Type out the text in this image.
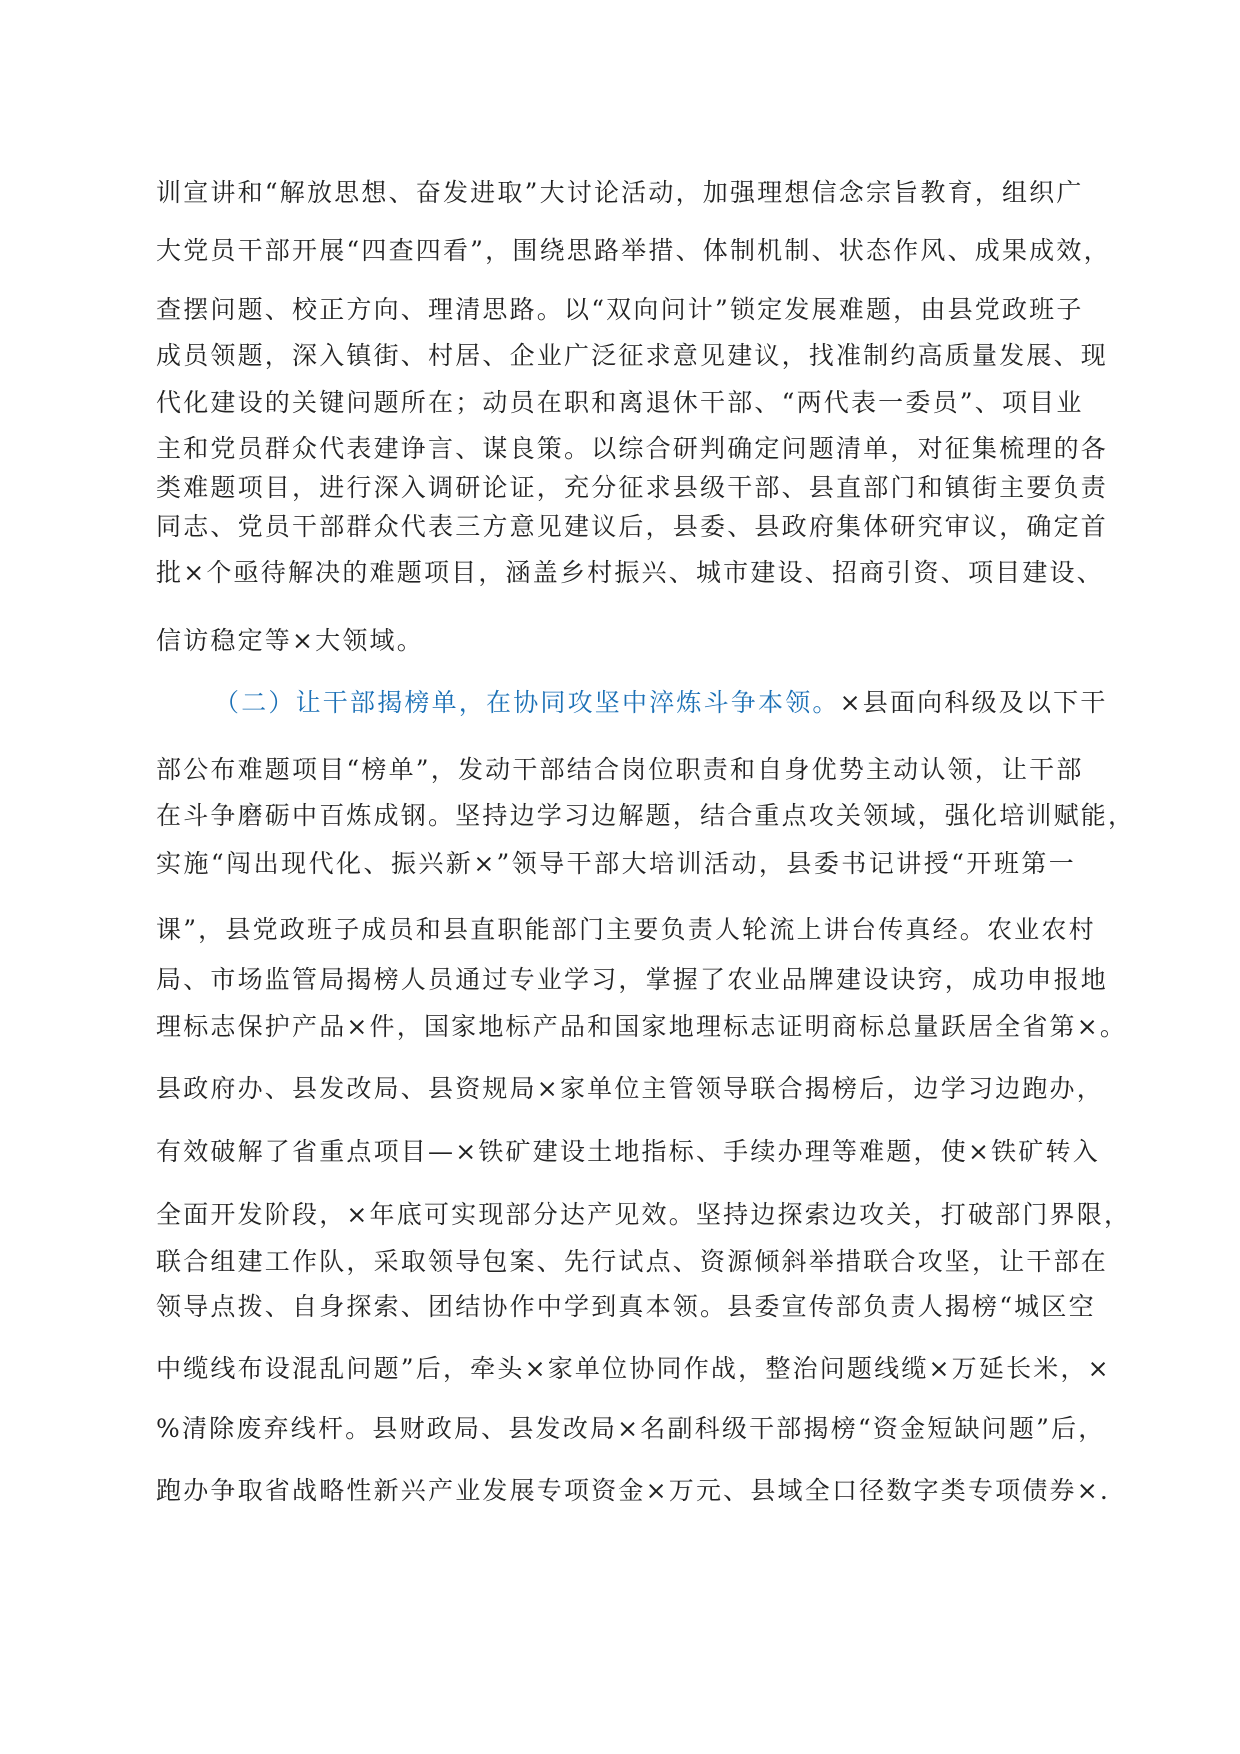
训宣讲和“解放思想、奋发进取”大讨论活动，加强理想信念宗旨教育，组织广
大党员干部开展“四查四看”，围绕思路举措、体制机制、状态作风、成果成效，
查摆问题、校正方向、理清思路。以“双向问计”锁定发展难题，由县党政班子
成员领题，深入镇街、村居、企业广泛征求意见建议，找准制约高质量发展、现
代化建设的关键问题所在；动员在职和离退休干部、“两代表一委员”、项目业
主和党员群众代表建诤言、谋良策。以综合研判确定问题清单，对征集梳理的各
类难题项目，进行深入调研论证，充分征求县级干部、县直部门和镇街主要负责
同志、党员干部群众代表三方意见建议后，县委、县政府集体研究审议，确定首
批×个亟待解决的难题项目，涵盖乡村振兴、城市建设、招商引资、项目建设、
信访稳定等×大领域。
（二）让干部揭榜单，在协同攻坚中淬炼斗争本领。 ×县面向科级及以下干
部公布难题项目“榜单”，发动干部结合岗位职责和自身优势主动认领，让干部
在斗争磨砺中百炼成钢。坚持边学习边解题，结合重点攻关领域，强化培训赋能，
实施“闯出现代化、振兴新×”领导干部大培训活动，县委书记讲授“开班第一
课”，县党政班子成员和县直职能部门主要负责人轮流上讲台传真经。农业农村
局、市场监管局揭榜人员通过专业学习，掌握了农业品牌建设诀窍，成功申报地
理标志保护产品×件，国家地标产品和国家地理标志证明商标总量跃居全省第×。
县政府办、县发改局、县资规局×家单位主管领导联合揭榜后，边学习边跑办，
有效破解了省重点项目—×铁矿建设土地指标、手续办理等难题，使×铁矿转入
全面开发阶段，×年底可实现部分达产见效。坚持边探索边攻关，打破部门界限，
联合组建工作队，采取领导包案、先行试点、资源倾斜举措联合攻坚，让干部在
领导点拨、自身探索、团结协作中学到真本领。县委宣传部负责人揭榜“城区空
中缆线布设混乱问题”后，牵头×家单位协同作战，整治问题线缆×万延长米，×
%清除废弃线杆。县财政局、县发改局×名副科级干部揭榜“资金短缺问题”后，
跑办争取省战略性新兴产业发展专项资金×万元、县域全口径数字类专项债券×.
